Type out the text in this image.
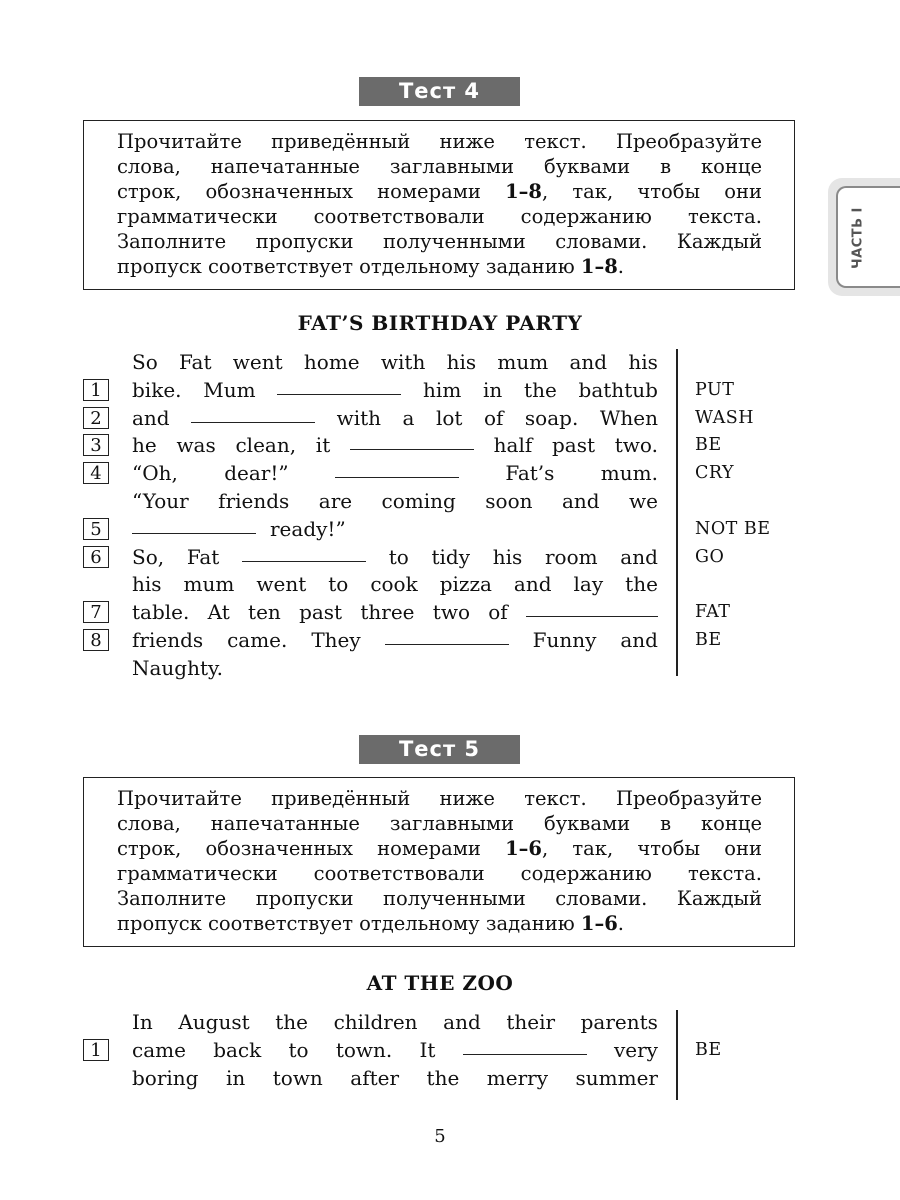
ЧАСТЬ I
Тест 4
Прочитайте приведённый ниже текст. Преобразуйте
слова, напечатанные заглавными буквами в конце
строк, обозначенных номерами 1–8, так, чтобы они
грамматически соответствовали содержанию текста.
Заполните пропуски полученными словами. Каждый
пропуск соответствует отдельному заданию 1–8.
FAT’S BIRTHDAY PARTY
So Fat went home with his mum and his
1	bike. Mum	him in the bathtub PUT
2	and	with a lot of soap. When WASH
3	he was clean, it	half past two. BE
4	“Oh, dear!”	Fat’s mum. CRY
“Your friends are coming soon and we
5	ready!”	NOT BE
6	So, Fat	to tidy his room and GO
his mum went to cook pizza and lay the
7	table. At ten past three two of	FAT
8	friends came. They	Funny and BE
Naughty.
Тест 5
Прочитайте приведённый ниже текст. Преобразуйте
слова, напечатанные заглавными буквами в конце
строк, обозначенных номерами 1–6, так, чтобы они
грамматически соответствовали содержанию текста.
Заполните пропуски полученными словами. Каждый
пропуск соответствует отдельному заданию 1–6.
AT THE ZOO
In August the children and their parents
1	came back to town. It	very BE
boring in town after the merry summer
5
